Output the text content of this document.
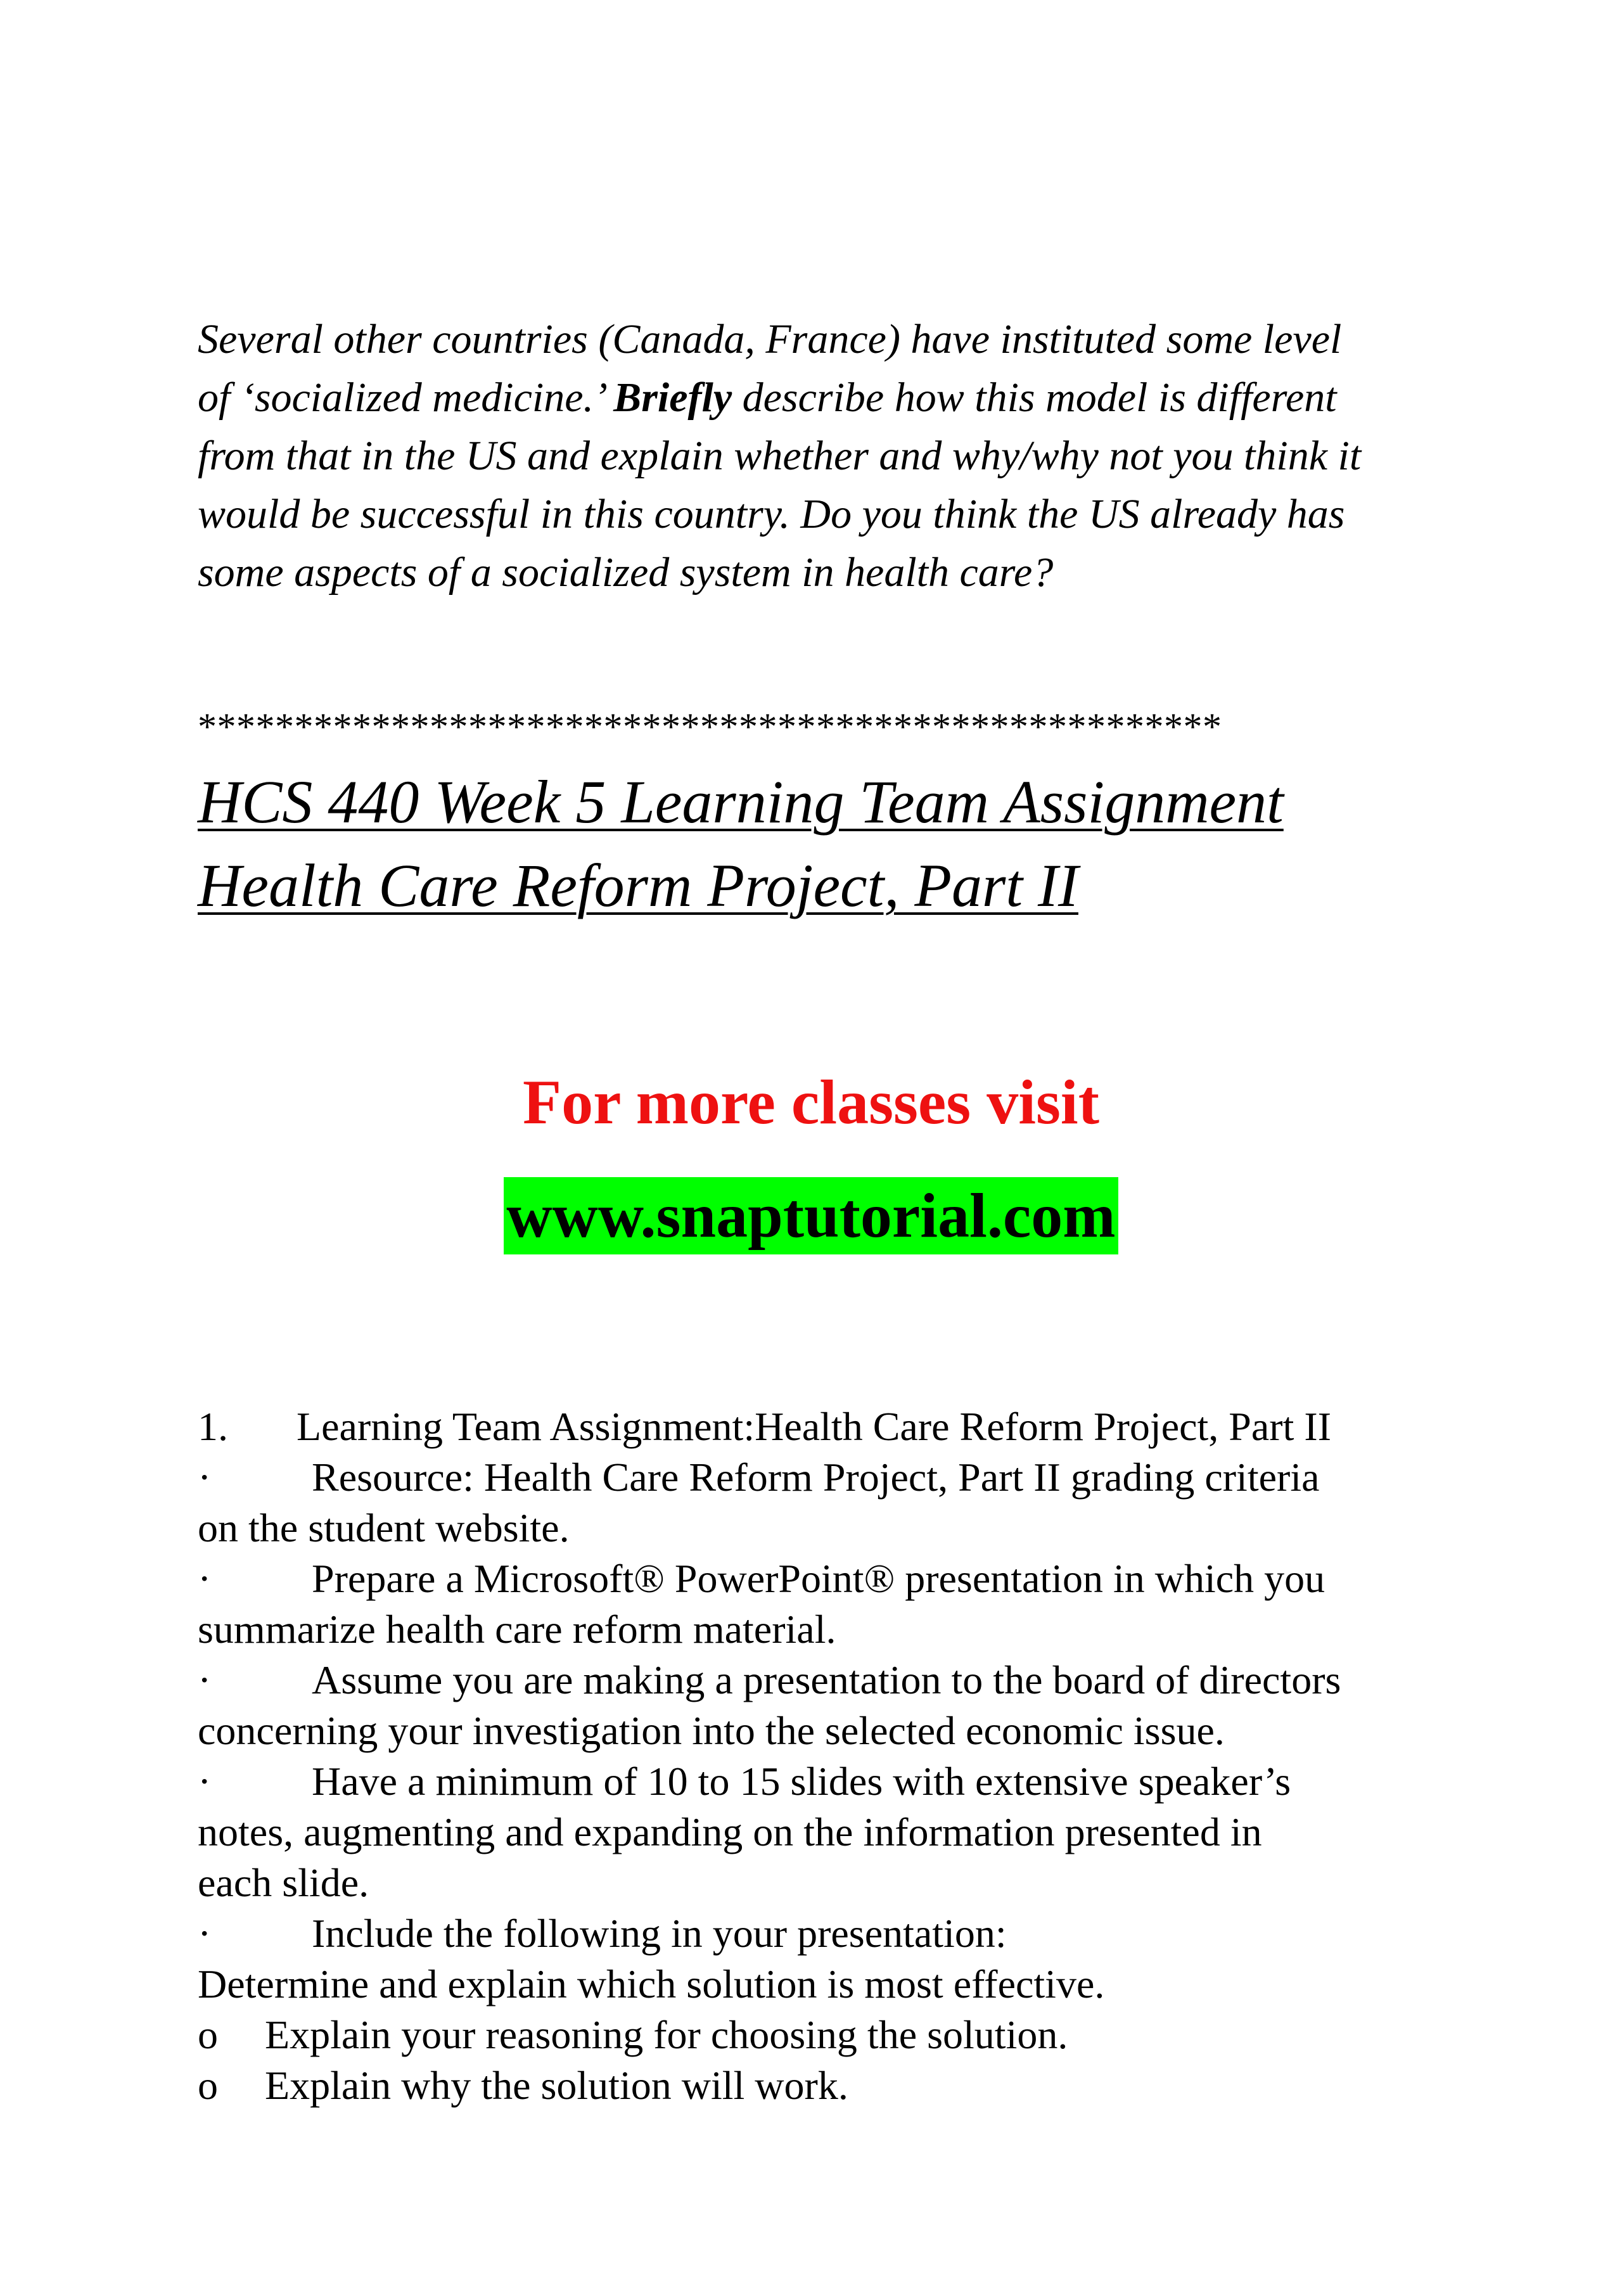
Several other countries (Canada, France) have instituted some level
of ‘socialized medicine.’ Briefly describe how this model is different
from that in the US and explain whether and why/why not you think it
would be successful in this country. Do you think the US already has
some aspects of a socialized system in health care?
*****************************************************
HCS 440 Week 5 Learning Team Assignment
Health Care Reform Project, Part II
For more classes visit
www.snaptutorial.com
1. Learning Team Assignment:Health Care Reform Project, Part II
· Resource: Health Care Reform Project, Part II grading criteria
on the student website.
· Prepare a Microsoft® PowerPoint® presentation in which you
summarize health care reform material.
· Assume you are making a presentation to the board of directors
concerning your investigation into the selected economic issue.
· Have a minimum of 10 to 15 slides with extensive speaker’s
notes, augmenting and expanding on the information presented in
each slide.
· Include the following in your presentation:
Determine and explain which solution is most effective.
o Explain your reasoning for choosing the solution.
o Explain why the solution will work.
